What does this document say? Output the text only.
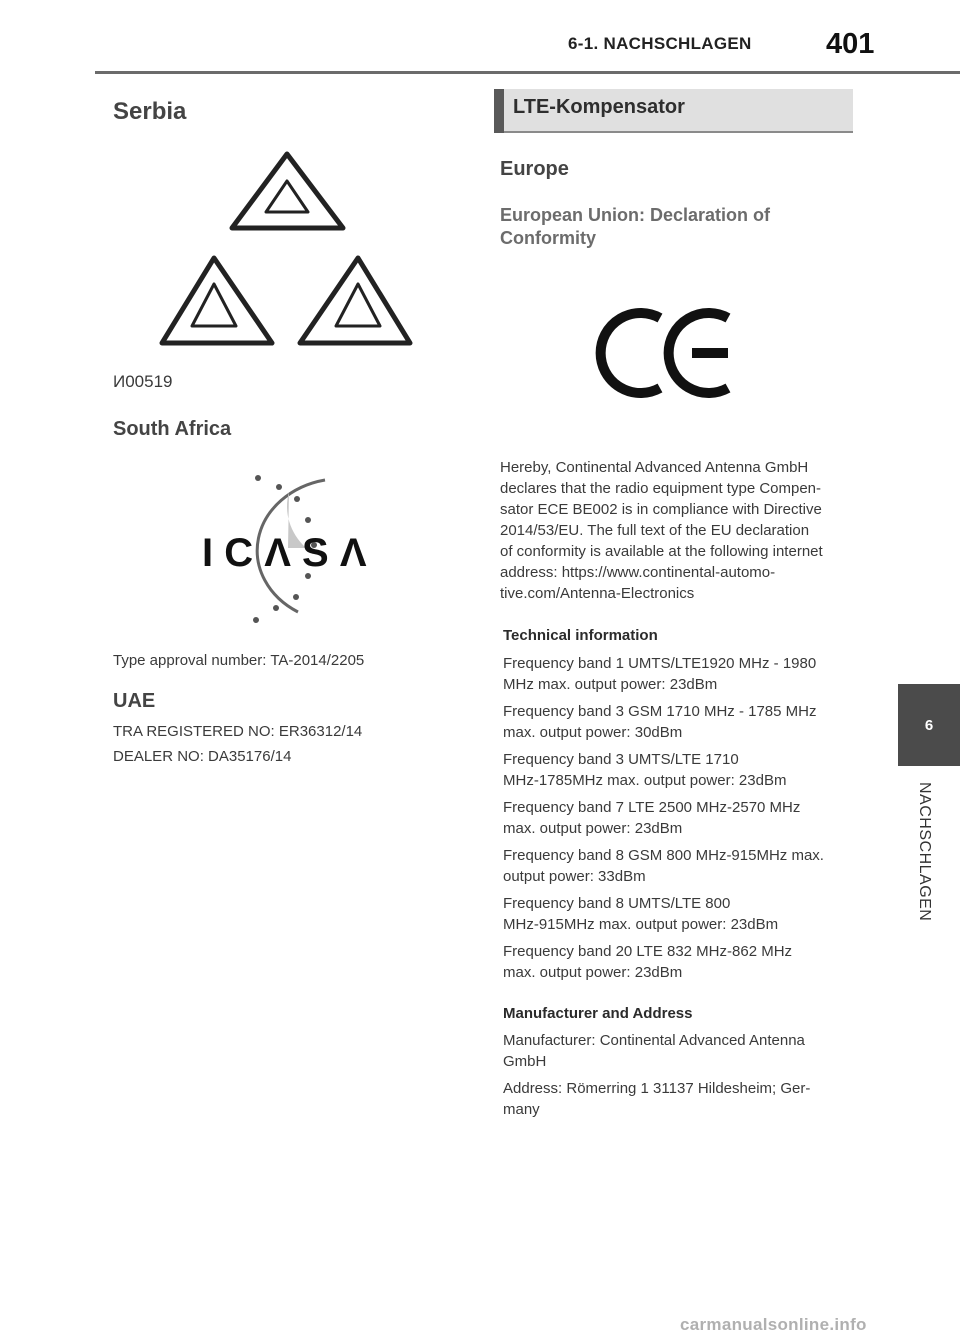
6-1. NACHSCHLAGEN	401
6
NACHSCHLAGEN
Serbia
И00519
South Africa
I C Λ S Λ
Type approval number: TA-2014/2205
UAE
TRA REGISTERED NO: ER36312/14
DEALER NO: DA35176/14
LTE-Kompensator
Europe
European Union: Declaration of Conformity
Hereby, Continental Advanced Antenna GmbH
declares that the radio equipment type Compen-
sator ECE BE002 is in compliance with Directive
2014/53/EU. The full text of the EU declaration
of conformity is available at the following internet
address: https://www.continental-automo-
tive.com/Antenna-Electronics
Technical information
Frequency band 1 UMTS/LTE1920 MHz - 1980
MHz max. output power: 23dBm
Frequency band 3 GSM 1710 MHz - 1785 MHz
max. output power: 30dBm
Frequency band 3 UMTS/LTE 1710
MHz-1785MHz max. output power: 23dBm
Frequency band 7 LTE 2500 MHz-2570 MHz
max. output power: 23dBm
Frequency band 8 GSM 800 MHz-915MHz max.
output power: 33dBm
Frequency band 8 UMTS/LTE 800
MHz-915MHz max. output power: 23dBm
Frequency band 20 LTE 832 MHz-862 MHz
max. output power: 23dBm
Manufacturer and Address
Manufacturer: Continental Advanced Antenna
GmbH
Address: Römerring 1 31137 Hildesheim; Ger-
many
carmanualsonline.info
